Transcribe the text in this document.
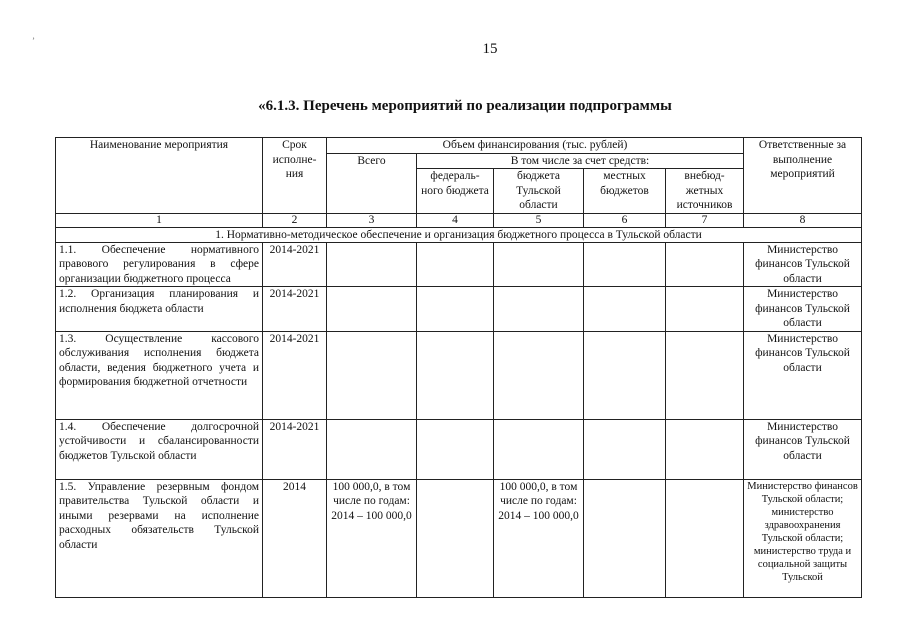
ʼ	15
«6.1.3. Перечень мероприятий по реализации подпрограммы
Наименование мероприятия	Срок исполне- ния	Объем финансирования (тыс. рублей)					Ответственные за выполнение мероприятий
		Всего	В том числе за счет средств:				
			федераль- ного бюджета	бюджета Тульской области	местных бюджетов	внебюд- жетных источников	
1	2	3	4	5	6	7	8
1. Нормативно-методическое обеспечение и организация бюджетного процесса в Тульской области							
1.1. Обеспечение нормативного правового регулирования в сфере организации бюджетного процесса	2014-2021						Министерство финансов Тульской области
1.2. Организация планирования и исполнения бюджета области	2014-2021						Министерство финансов Тульской области
1.3. Осуществление кассового обслуживания исполнения бюджета области, ведения бюджетного учета и формирования бюджетной отчетности	2014-2021						Министерство финансов Тульской области
1.4. Обеспечение долгосрочной устойчивости и сбалансированности бюджетов Тульской области	2014-2021						Министерство финансов Тульской области
1.5. Управление резервным фондом правительства Тульской области и иными резервами на исполнение расходных обязательств Тульской области	2014	100 000,0, в том числе по годам: 2014 – 100 000,0		100 000,0, в том числе по годам: 2014 – 100 000,0			Министерство финансов Тульской области; министерство здравоохранения Тульской области; министерство труда и социальной защиты Тульской
